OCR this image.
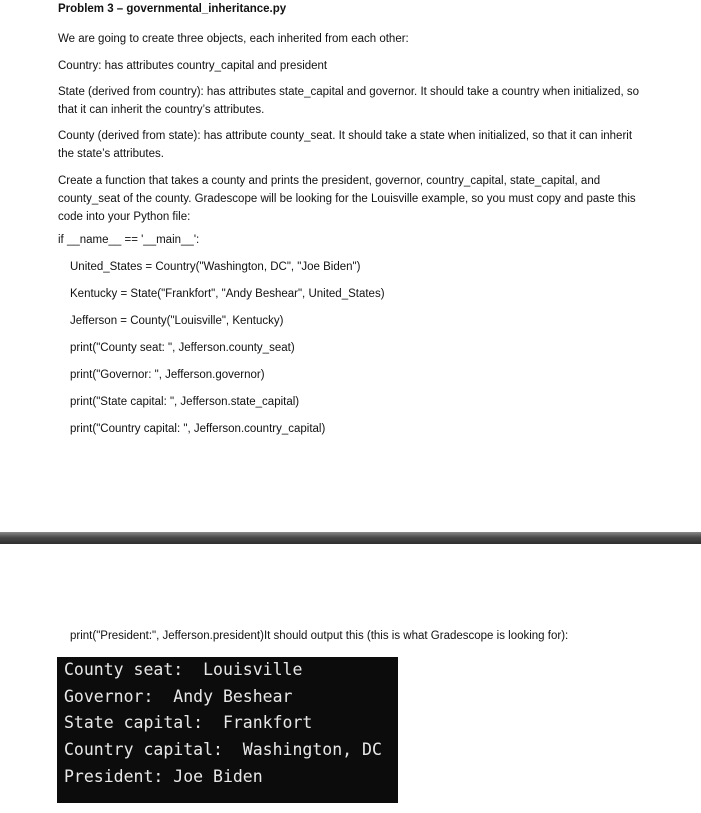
Problem 3 – governmental_inheritance.py
We are going to create three objects, each inherited from each other:
Country: has attributes country_capital and president
State (derived from country): has attributes state_capital and governor. It should take a country when initialized, so that it can inherit the country’s attributes.
County (derived from state): has attribute county_seat. It should take a state when initialized, so that it can inherit the state’s attributes.
Create a function that takes a county and prints the president, governor, country_capital, state_capital, and county_seat of the county. Gradescope will be looking for the Louisville example, so you must copy and paste this code into your Python file:
if __name__ == '__main__':
United_States = Country("Washington, DC", "Joe Biden")
Kentucky = State("Frankfort", "Andy Beshear", United_States)
Jefferson = County("Louisville", Kentucky)
print("County seat: ", Jefferson.county_seat)
print("Governor: ", Jefferson.governor)
print("State capital: ", Jefferson.state_capital)
print("Country capital: ", Jefferson.country_capital)
print("President:", Jefferson.president)It should output this (this is what Gradescope is looking for):
County seat:  Louisville
Governor:  Andy Beshear
State capital:  Frankfort
Country capital:  Washington, DC
President: Joe Biden
